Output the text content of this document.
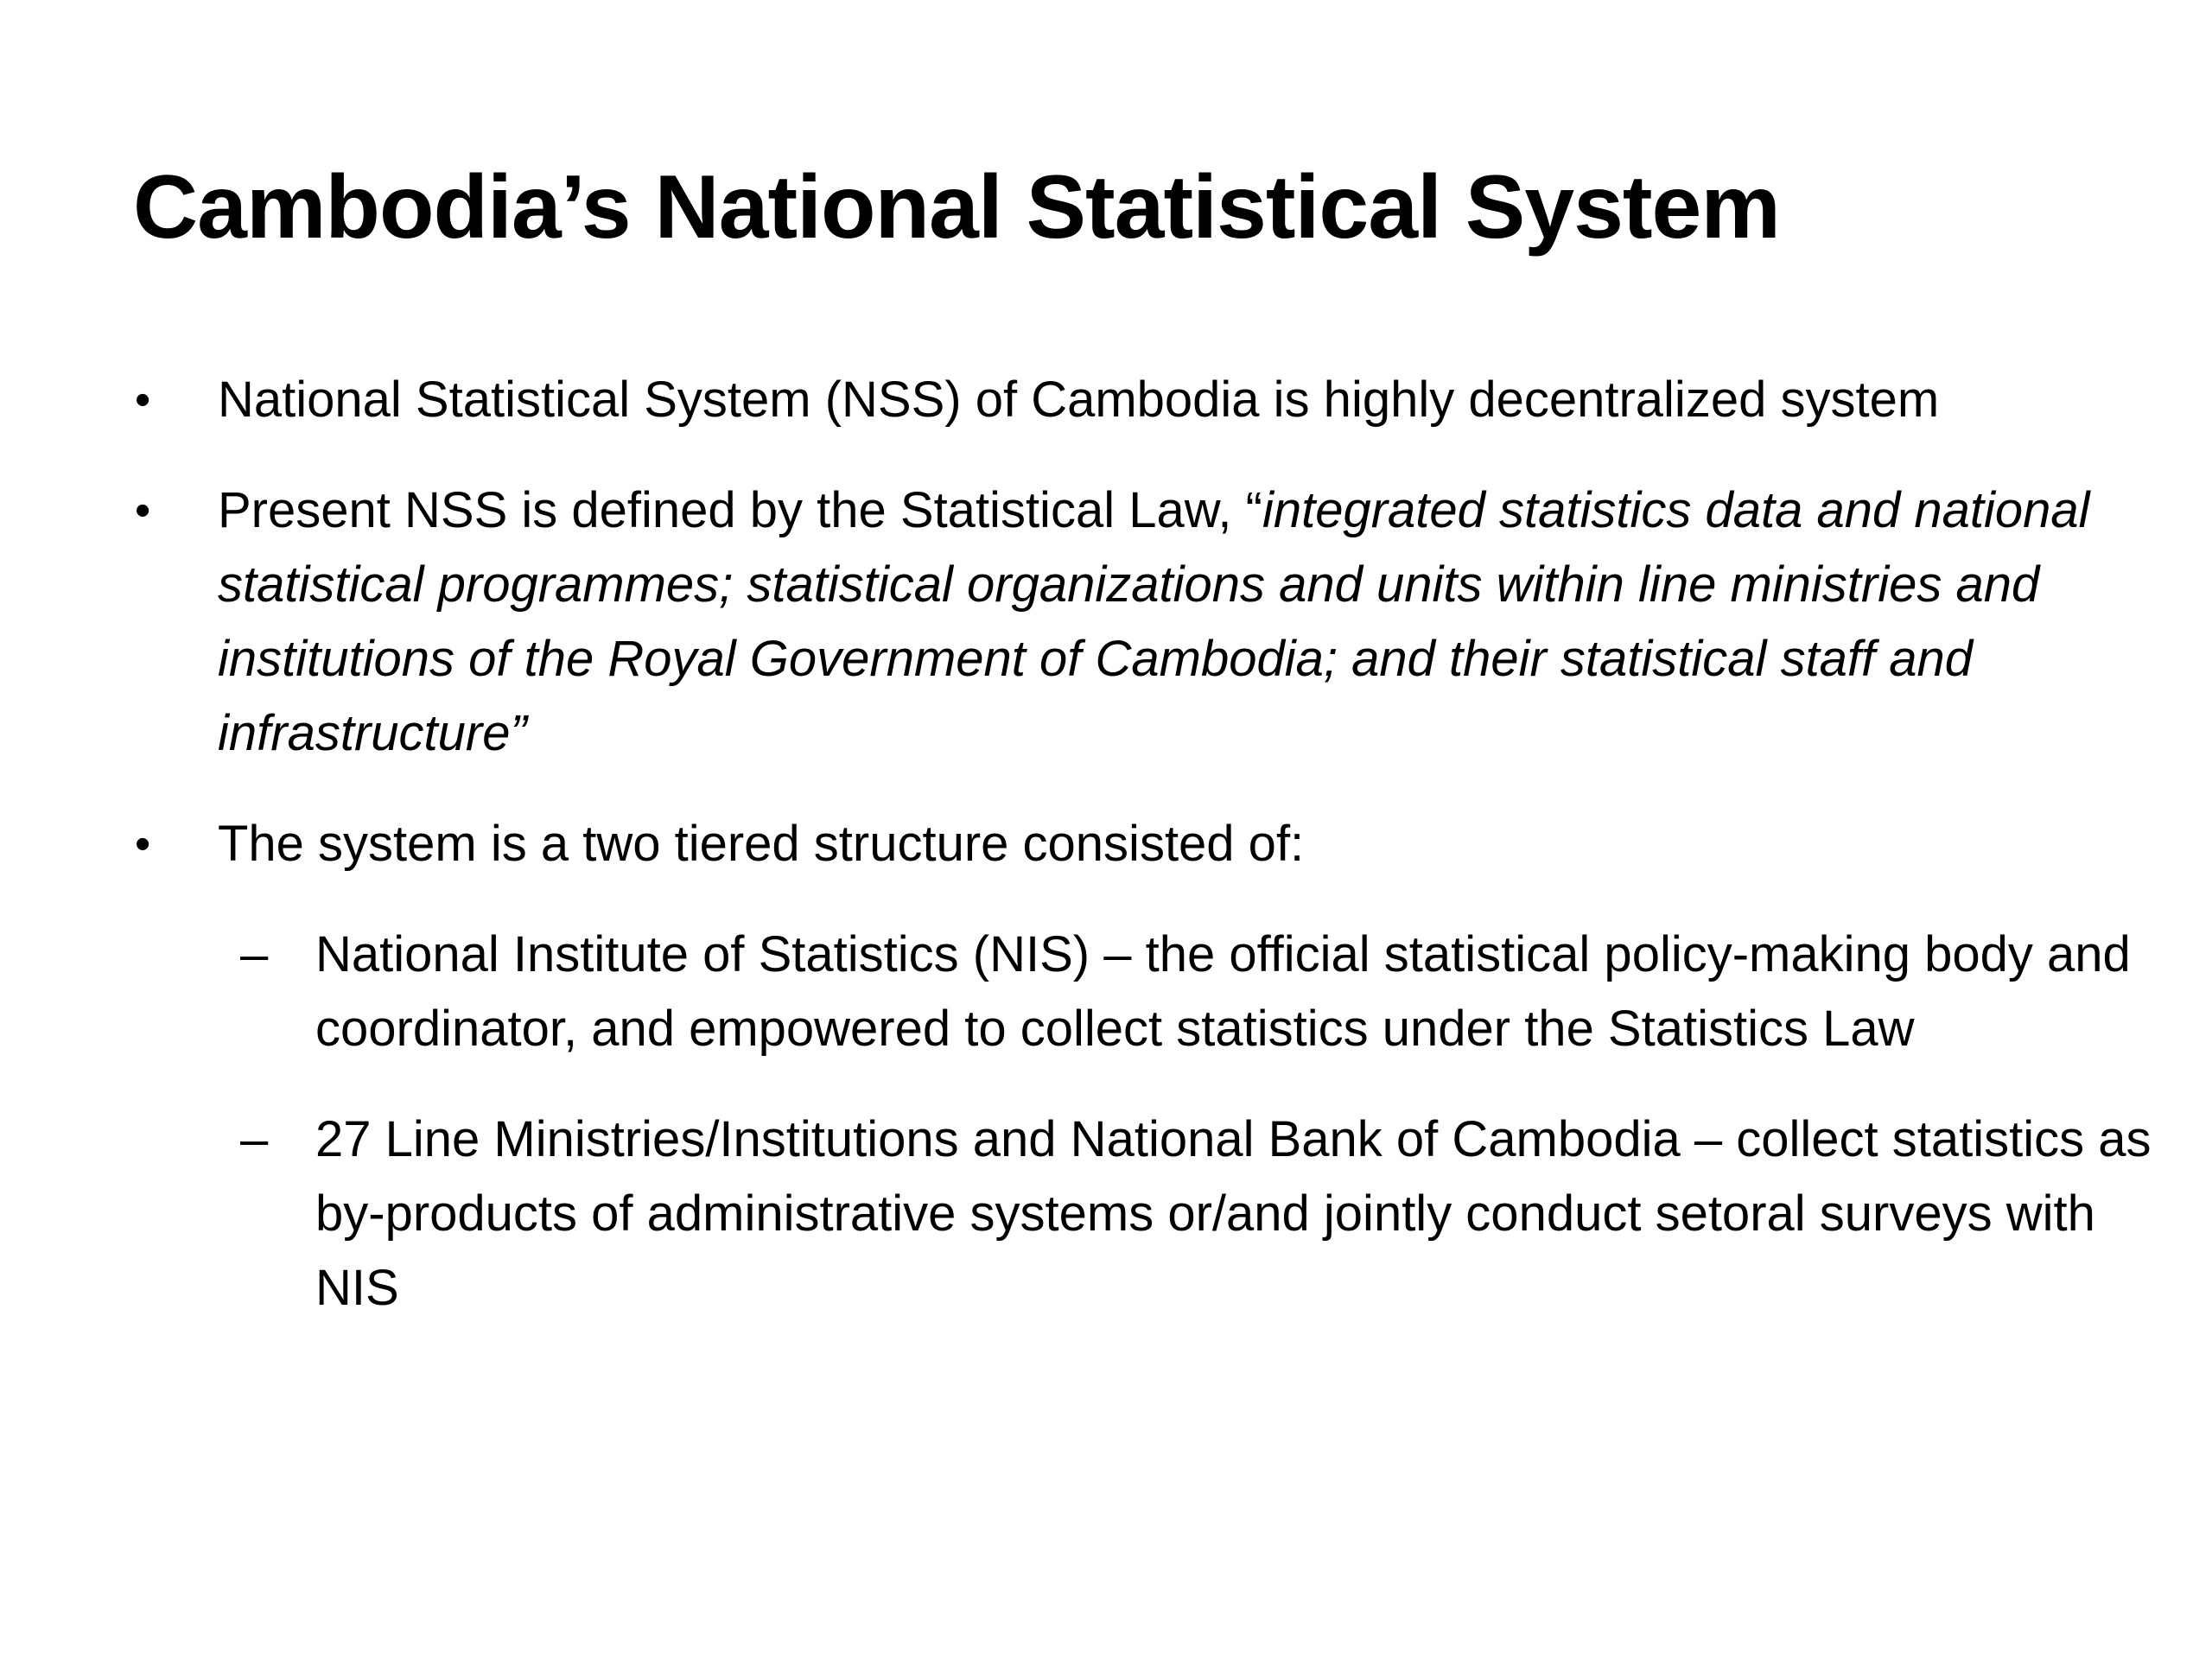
Cambodia’s National Statistical System
•	National Statistical System (NSS) of Cambodia is highly decentralized system
•	Present NSS is defined by the Statistical Law, “integrated statistics data and national statistical programmes; statistical organizations and units within line ministries and institutions of the Royal Government of Cambodia; and their statistical staff and infrastructure”
•	The system is a two tiered structure consisted of:
– National Institute of Statistics (NIS) – the official statistical policy-making body and coordinator, and empowered to collect statistics under the Statistics Law
– 27 Line Ministries/Institutions and National Bank of Cambodia – collect statistics as by-products of administrative systems or/and jointly conduct setoral surveys with NIS
